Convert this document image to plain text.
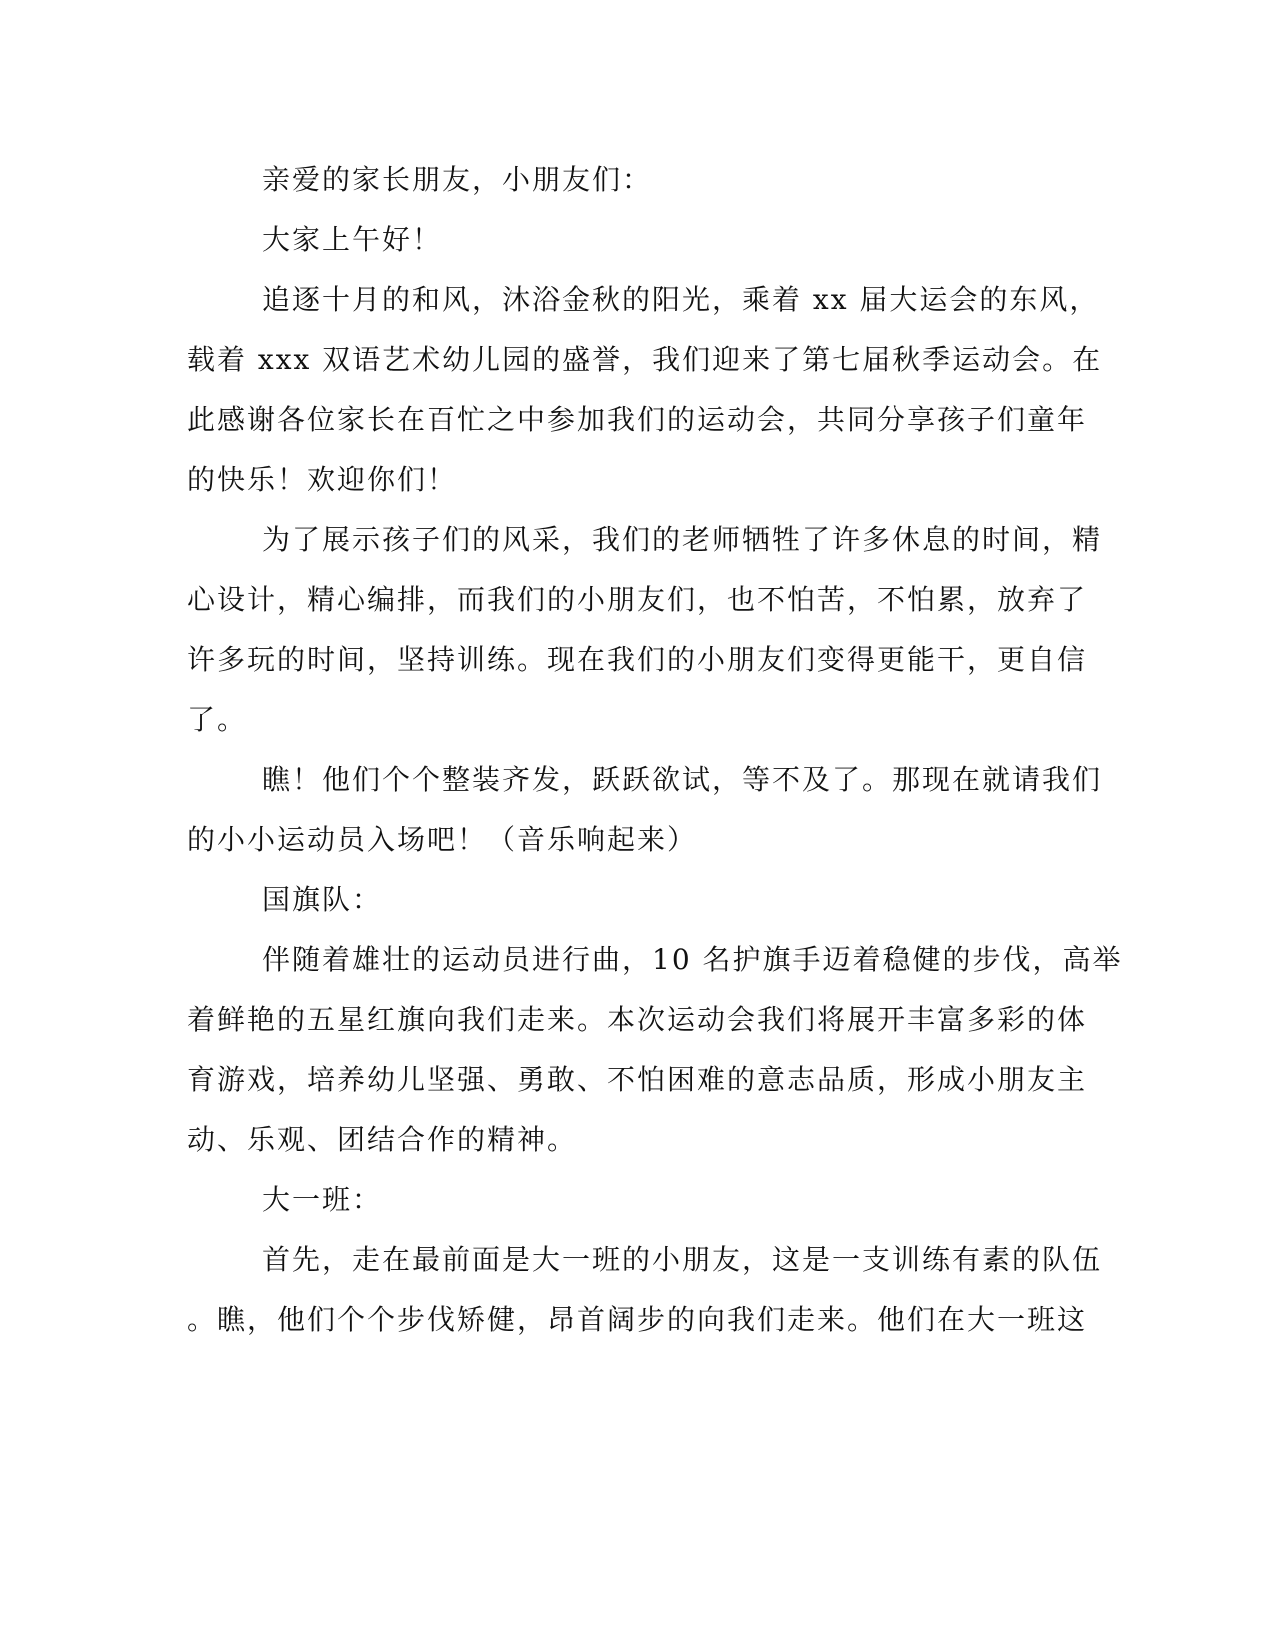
亲爱的家长朋友，小朋友们：
大家上午好！
追逐十月的和风，沐浴金秋的阳光，乘着 xx 届大运会的东风，
载着 xxx 双语艺术幼儿园的盛誉，我们迎来了第七届秋季运动会。在
此感谢各位家长在百忙之中参加我们的运动会，共同分享孩子们童年
的快乐！欢迎你们！
为了展示孩子们的风采，我们的老师牺牲了许多休息的时间，精
心设计，精心编排，而我们的小朋友们，也不怕苦，不怕累，放弃了
许多玩的时间，坚持训练。现在我们的小朋友们变得更能干，更自信
了。
瞧！他们个个整装齐发，跃跃欲试，等不及了。那现在就请我们
的小小运动员入场吧！（音乐响起来）
国旗队：
伴随着雄壮的运动员进行曲，10 名护旗手迈着稳健的步伐，高举
着鲜艳的五星红旗向我们走来。本次运动会我们将展开丰富多彩的体
育游戏，培养幼儿坚强、勇敢、不怕困难的意志品质，形成小朋友主
动、乐观、团结合作的精神。
大一班：
首先，走在最前面是大一班的小朋友，这是一支训练有素的队伍
。瞧，他们个个步伐矫健，昂首阔步的向我们走来。他们在大一班这
